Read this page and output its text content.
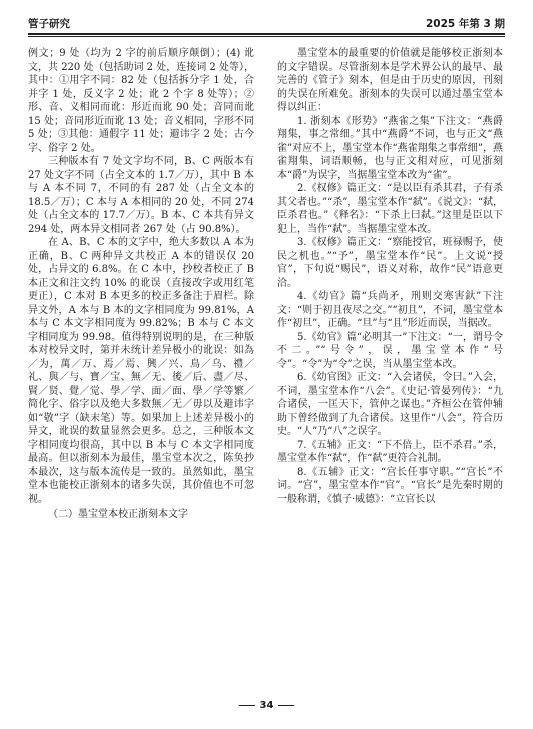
管子研究	2025 年第 3 期

例文；9 处（均为 2 字的前后顺序颠倒）；(4) 讹文，共 220 处（包括助词 2 处，连接词 2 处等），其中：①用字不同：82 处（包括拆分字 1 处，合并字 1 处，反义字 2 处；讹 2 个字 8 处等）；②形、音、义相同而讹：形近而讹 90 处；音同而讹 15 处；音同形近而讹 13 处；音义相同，字形不同 5 处；③其他：通假字 11 处；避讳字 2 处；古今字、俗字 2 处。

三种版本有 7 处文字均不同，B、C 两版本有 27 处文字不同（占全文本的 1.7／万），其中 B 本与 A 本不同 7，不同的有 287 处（占全文本的 18.5／万）；C 本与 A 本相同的 20 处，不同 274 处（占全文本的 17.7／万）。B 本、C 本共有异文 294 处，两本异文相同者 267 处（占 90.8%）。

在 A、B、C 本的文字中，绝大多数以 A 本为正确，B、C 两种异文共校正 A 本的错误仅 20 处，占异文的 6.8%。在 C 本中，抄校者校正了 B 本正文和注文约 10% 的讹误（直接改字或用红笔更正），C 本对 B 本更多的校正多备注于眉栏。除异文外，A 本与 B 本的文字相同度为 99.81%，A 本与 C 本文字相同度为 99.82%；B 本与 C 本文字相同度为 99.98。值得特别说明的是，在三种版本对校异文时，第并未统计差异极小的讹误：如為／为，萬／万、焉／焉、興／兴、鳥／乌、禮／礼、與／与、寳／宝、無／无、後／后、盡／尽、賢／贤、覺／觉、學／学、面／面、學／学等繁／简化字、俗字以及绝大多数無／无／毋以及避讳字如“敬”字（缺末笔）等。如果加上上述差异极小的异文，讹误的数量显然会更多。总之，三种版本文字相同度均很高，其中以 B 本与 C 本文字相同度最高。但以浙刻本为最佳，墨宝堂本次之，陈奂抄本最次，这与版本流传是一致的。虽然如此，墨宝堂本也能校正浙刻本的诸多失误，其价值也不可忽视。

（二）墨宝堂本校正浙刻本文字

墨宝堂本的最重要的价值就是能够校正浙刻本的文字错误。尽管浙刻本是学术界公认的最早、最完善的《管子》刻本，但是由于历史的原因，刊刻的失误在所难免。浙刻本的失误可以通过墨宝堂本得以纠正：

1. 浙刻本《形势》“燕雀之集”下注文：“燕爵翔集，事之常细。”其中“燕爵”不词，也与正文“燕雀”对应不上，墨宝堂本作“燕雀翔集之事常细”，燕雀翔集，词语顺畅，也与正文相对应，可见浙刻本“爵”为误字，当据墨宝堂本改为“雀”。

2.《权修》篇正文：“是以臣有杀其君，子有杀其父者也。”“杀”，墨宝堂本作“弑”。《说文》：“弑，臣杀君也。”《释名》：“下杀上曰弑。”这里是臣以下犯上，当作“弑”。当据墨宝堂本改。

3.《权修》篇正文：“察能授官，班禄赐予，使民之机也。”“予”，墨宝堂本作“民”。上文说“授官”，下句说“赐民”，语义对称，故作“民”语意更洽。

4.《幼官》篇“兵尚矛，刑则交寒害釱”下注文：“则于初且夜尽之交。”“初且”，不词，墨宝堂本作“初旦”，正确。“旦”与“且”形近而误，当据改。

5.《幼官》篇“必明其一”下注文：“一，谓号令不二。”“号令”，误，墨宝堂本作“号令”。“令”为“令”之误，当从墨宝堂本改。

6.《幼官图》正文：“入会诸侯，令曰。”入会，不词，墨宝堂本作“八会”。《史记·管晏列传》：“九合诸侯，一匡天下，管仲之谋也。”齐桓公在管仲辅助下曾经做到了九合诸侯。这里作“八会”，符合历史。“人”乃“八”之误字。

7.《五辅》正文：“下不倍上，臣不杀君。”杀，墨宝堂本作“弑”，作“弑”更符合礼制。

8.《五辅》正文：“宫长任事守职。”“宫长”不词。“宫”，墨宝堂本作“官”。“官长”是先秦时期的一般称谓，《慎子·威德》：“立官长以

34
